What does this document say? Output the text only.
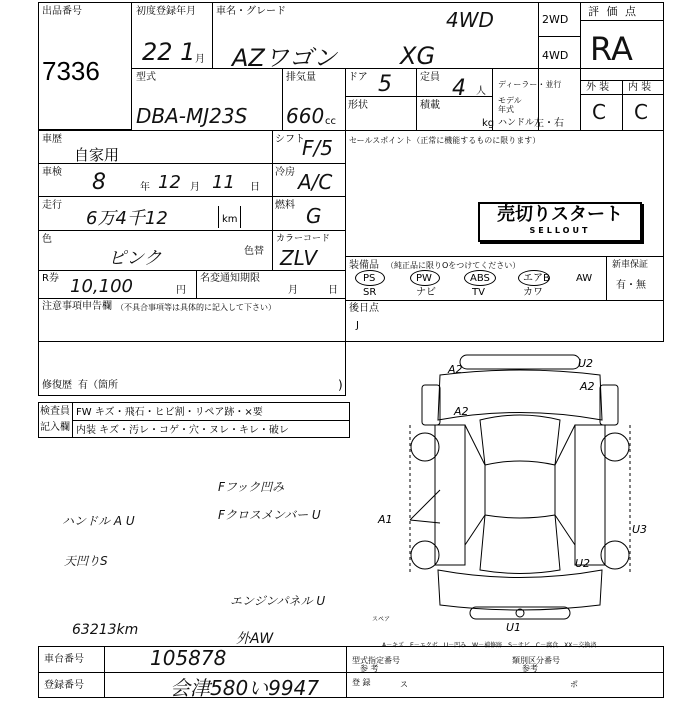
出品番号
7336
初度登録年月
22 1 月
車名・グレード
AZワゴン	XG
4WD	2WD
4WD
評 価 点
RA
外 装 内 装
C C
型式
DBA-MJ23S
排気量
660 cc
ドア 5	定員 4 人
形状	積載
kg
ディーラー・並行
モデル
年式
ハンドル 左・右
車歴
自家用
シフト
F/5
車検 8	年 12 月 11 日
冷房 A/C
走行
6万4千12	km
燃料 G
色
ピンク	色替
カラーコード
ZLV
R券 10,100	円
名変通知期限
月	日
注意事項申告欄 （不具合事項等は具体的に記入して下さい）
修復歴 有（箇所	)
セールスポイント（正常に機能するものに限ります）
売切りスタート
SELLOUT
装備品 （純正品に限りOをつけてください）	新車保証
有・無
PS
SR
PW
ナビ
ABS
TV
エアB
カワ
AW
後日点
J
検査員
記入欄
FW キズ・飛石・ヒビ割・リペア跡・×要
内装 キズ・汚レ・コゲ・穴・ヌレ・キレ・破レ
Fフック凹み
Fクロスメンバー U
ハンドル A U
天凹りS
エンジンパネル U
63213km
外AW
A2	U2
A2
A2
A1
U3
U2
U1
スペア
A－キズ　E－エクボ　U－凹み　W－補修跡　S－サビ　C－腐食　XX－交換済
車台番号	105878
登録番号	会津580い9947
型式指定番号
参 考
類別区分番号
参考
登 録	ス	ポ
